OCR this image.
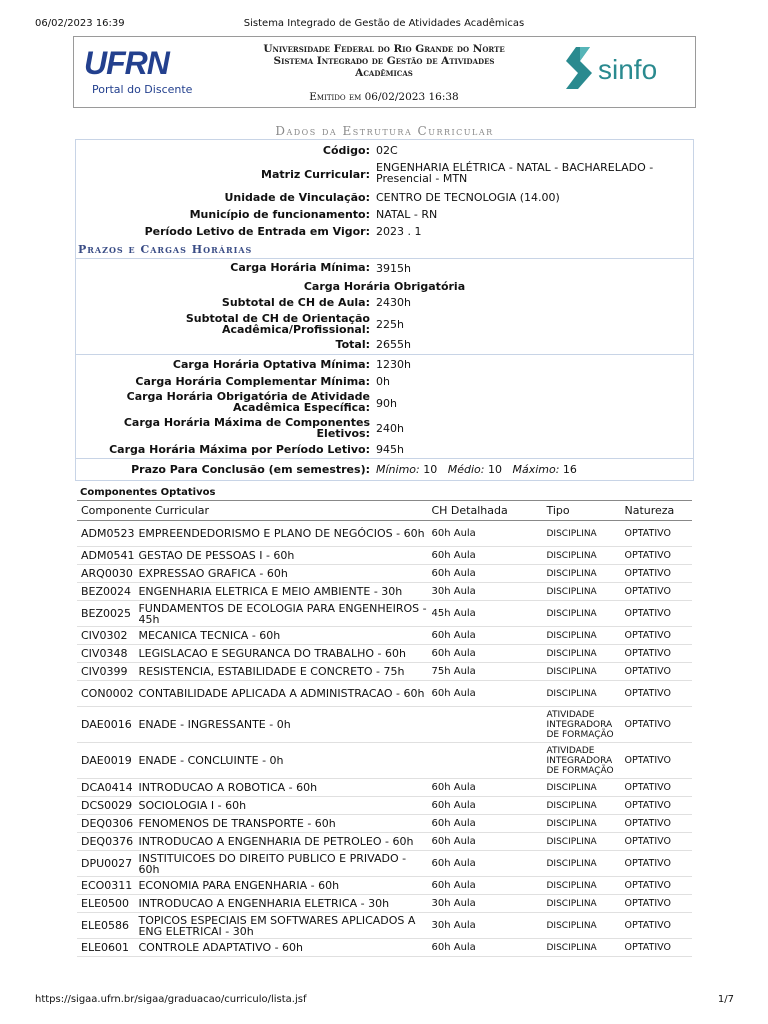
06/02/2023 16:39	Sistema Integrado de Gestão de Atividades Acadêmicas
UFRN
Portal do Discente
Universidade Federal do Rio Grande do Norte
Sistema Integrado de Gestão de Atividades
Acadêmicas
Emitido em 06/02/2023 16:38
sinfo
Dados da Estrutura Curricular
Código: 02C
Matriz Curricular:
ENGENHARIA ELÉTRICA - NATAL - BACHARELADO -
Presencial - MTN
Unidade de Vinculação: CENTRO DE TECNOLOGIA (14.00)
Município de funcionamento: NATAL - RN
Período Letivo de Entrada em Vigor: 2023 . 1
Prazos e Cargas Horárias
Carga Horária Mínima: 3915h
Carga Horária Obrigatória
Subtotal de CH de Aula: 2430h
Subtotal de CH de Orientação
Acadêmica/Profissional: 225h
Total: 2655h
Carga Horária Optativa Mínima: 1230h
Carga Horária Complementar Mínima: 0h
Carga Horária Obrigatória de Atividade
Acadêmica Específica: 90h
Carga Horária Máxima de Componentes
Eletivos: 240h
Carga Horária Máxima por Período Letivo: 945h
Prazo Para Conclusão (em semestres): Mínimo: 10 Médio: 10 Máximo: 16
Componentes Optativos
Componente Curricular		CH Detalhada	Tipo	Natureza
ADM0523	EMPREENDEDORISMO E PLANO DE NEGÓCIOS - 60h	60h Aula	DISCIPLINA	OPTATIVO
ADM0541	GESTAO DE PESSOAS I - 60h	60h Aula	DISCIPLINA	OPTATIVO
ARQ0030	EXPRESSAO GRAFICA - 60h	60h Aula	DISCIPLINA	OPTATIVO
BEZ0024	ENGENHARIA ELETRICA E MEIO AMBIENTE - 30h	30h Aula	DISCIPLINA	OPTATIVO
BEZ0025	FUNDAMENTOS DE ECOLOGIA PARA ENGENHEIROS - 45h	45h Aula	DISCIPLINA	OPTATIVO
CIV0302	MECANICA TECNICA - 60h	60h Aula	DISCIPLINA	OPTATIVO
CIV0348	LEGISLACAO E SEGURANCA DO TRABALHO - 60h	60h Aula	DISCIPLINA	OPTATIVO
CIV0399	RESISTENCIA, ESTABILIDADE E CONCRETO - 75h	75h Aula	DISCIPLINA	OPTATIVO
CON0002	CONTABILIDADE APLICADA A ADMINISTRACAO - 60h	60h Aula	DISCIPLINA	OPTATIVO
DAE0016	ENADE - INGRESSANTE - 0h		ATIVIDADE INTEGRADORA DE FORMAÇÃO	OPTATIVO
DAE0019	ENADE - CONCLUINTE - 0h		ATIVIDADE INTEGRADORA DE FORMAÇÃO	OPTATIVO
DCA0414	INTRODUCAO A ROBOTICA - 60h	60h Aula	DISCIPLINA	OPTATIVO
DCS0029	SOCIOLOGIA I - 60h	60h Aula	DISCIPLINA	OPTATIVO
DEQ0306	FENOMENOS DE TRANSPORTE - 60h	60h Aula	DISCIPLINA	OPTATIVO
DEQ0376	INTRODUCAO A ENGENHARIA DE PETROLEO - 60h	60h Aula	DISCIPLINA	OPTATIVO
DPU0027	INSTITUICOES DO DIREITO PUBLICO E PRIVADO - 60h	60h Aula	DISCIPLINA	OPTATIVO
ECO0311	ECONOMIA PARA ENGENHARIA - 60h	60h Aula	DISCIPLINA	OPTATIVO
ELE0500	INTRODUCAO A ENGENHARIA ELETRICA - 30h	30h Aula	DISCIPLINA	OPTATIVO
ELE0586	TOPICOS ESPECIAIS EM SOFTWARES APLICADOS A ENG ELETRICAI - 30h	30h Aula	DISCIPLINA	OPTATIVO
ELE0601	CONTROLE ADAPTATIVO - 60h	60h Aula	DISCIPLINA	OPTATIVO
https://sigaa.ufrn.br/sigaa/graduacao/curriculo/lista.jsf	1/7
